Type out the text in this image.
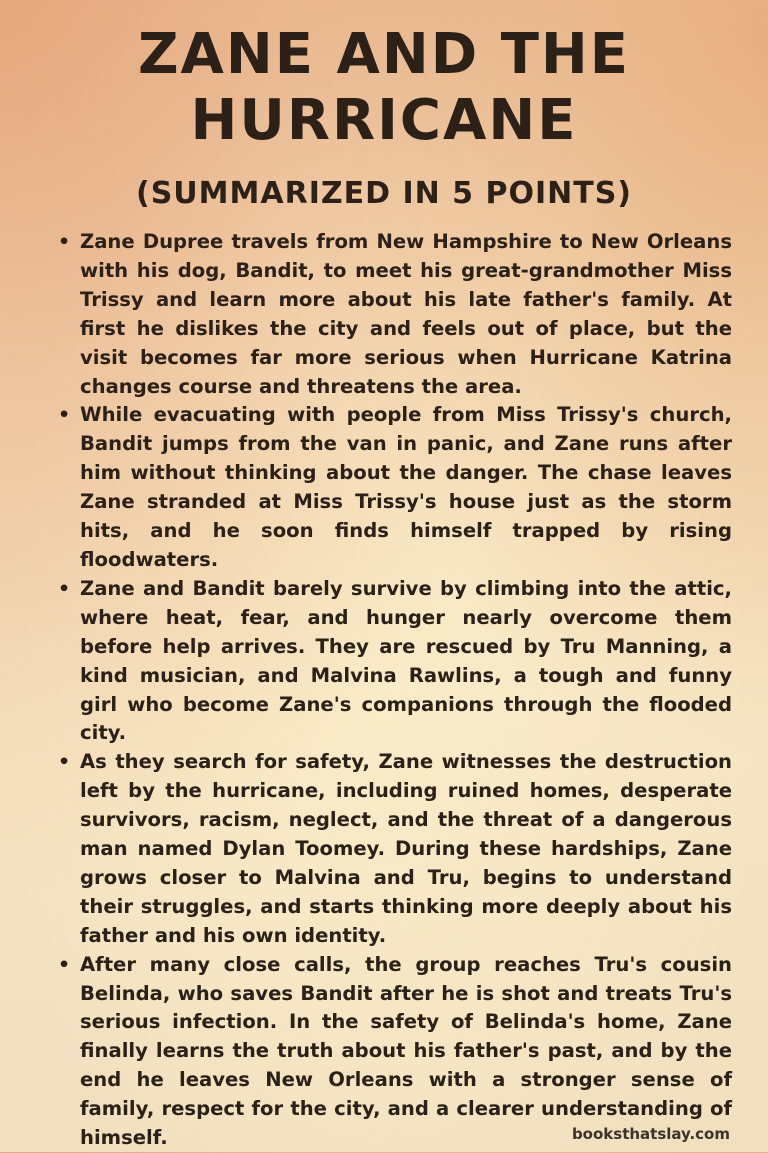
ZANE AND THE HURRICANE
(SUMMARIZED IN 5 POINTS)
• Zane Dupree travels from New Hampshire to New Orleans with his dog, Bandit, to meet his great-grandmother Miss Trissy and learn more about his late father's family. At first he dislikes the city and feels out of place, but the visit becomes far more serious when Hurricane Katrina changes course and threatens the area.
• While evacuating with people from Miss Trissy's church, Bandit jumps from the van in panic, and Zane runs after him without thinking about the danger. The chase leaves Zane stranded at Miss Trissy's house just as the storm hits, and he soon finds himself trapped by rising floodwaters.
• Zane and Bandit barely survive by climbing into the attic, where heat, fear, and hunger nearly overcome them before help arrives. They are rescued by Tru Manning, a kind musician, and Malvina Rawlins, a tough and funny girl who become Zane's companions through the flooded city.
• As they search for safety, Zane witnesses the destruction left by the hurricane, including ruined homes, desperate survivors, racism, neglect, and the threat of a dangerous man named Dylan Toomey. During these hardships, Zane grows closer to Malvina and Tru, begins to understand their struggles, and starts thinking more deeply about his father and his own identity.
• After many close calls, the group reaches Tru's cousin Belinda, who saves Bandit after he is shot and treats Tru's serious infection. In the safety of Belinda's home, Zane finally learns the truth about his father's past, and by the end he leaves New Orleans with a stronger sense of family, respect for the city, and a clearer understanding of himself.	booksthatslay.com
